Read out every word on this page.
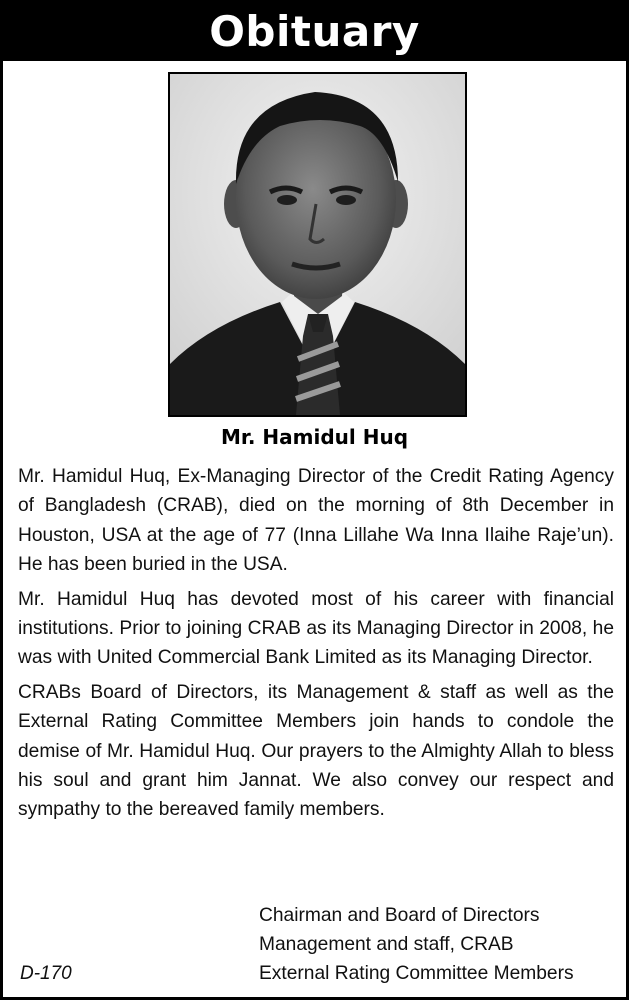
Obituary
Mr. Hamidul Huq

Mr. Hamidul Huq, Ex-Managing Director of the Credit Rating Agency of Bangladesh (CRAB), died on the morning of 8th December in Houston, USA at the age of 77 (Inna Lillahe Wa Inna Ilaihe Raje’un). He has been buried in the USA.

Mr. Hamidul Huq has devoted most of his career with financial institutions. Prior to joining CRAB as its Managing Director in 2008, he was with United Commercial Bank Limited as its Managing Director.

CRABs Board of Directors, its Management & staff as well as the External Rating Committee Members join hands to condole the demise of Mr. Hamidul Huq. Our prayers to the Almighty Allah to bless his soul and grant him Jannat. We also convey our respect and sympathy to the bereaved family members.

Chairman and Board of Directors
Management and staff, CRAB
External Rating Committee Members
D-170
